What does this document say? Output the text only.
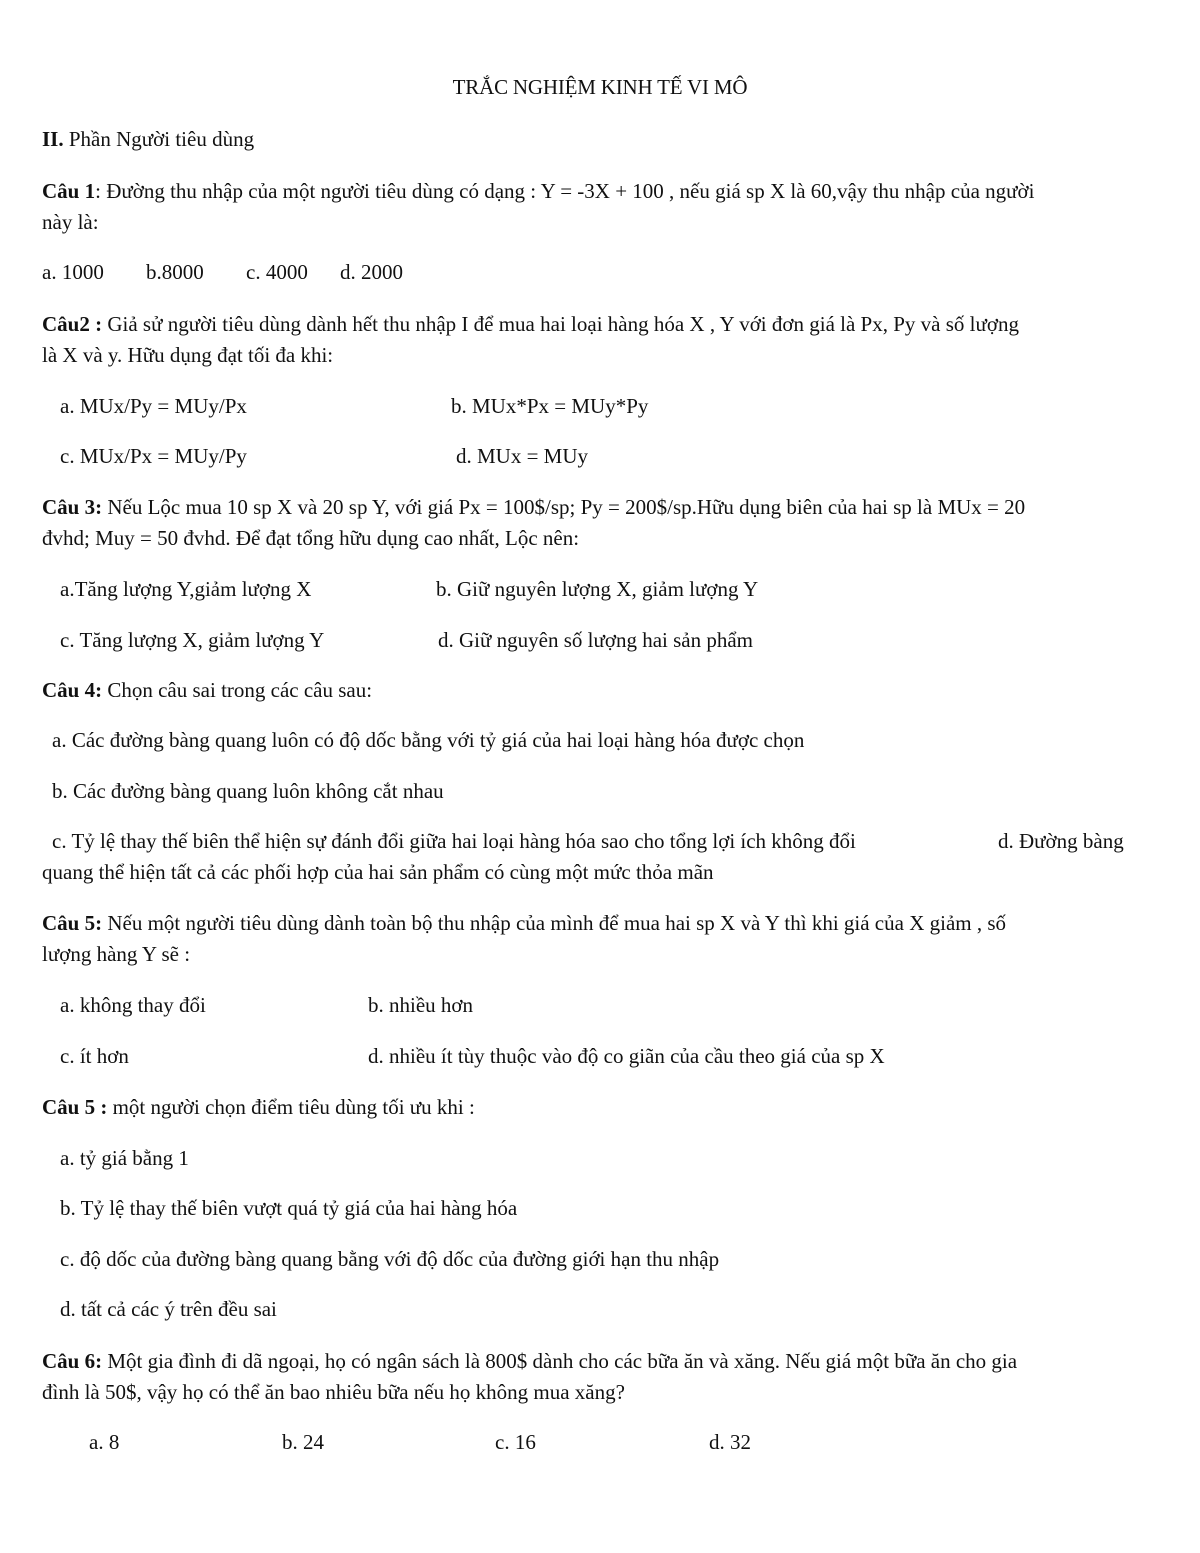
TRẮC NGHIỆM KINH TẾ VI MÔ
II. Phần Người tiêu dùng
Câu 1: Đường thu nhập của một người tiêu dùng có dạng : Y = -3X + 100 , nếu giá sp X là 60,vậy thu nhập của người
này là:
a. 1000 b.8000 c. 4000 d. 2000
Câu2 : Giả sử người tiêu dùng dành hết thu nhập I để mua hai loại hàng hóa X , Y với đơn giá là Px, Py và số lượng
là X và y. Hữu dụng đạt tối đa khi:
a. MUx/Py = MUy/Px	b. MUx*Px = MUy*Py
c. MUx/Px = MUy/Py	d. MUx = MUy
Câu 3: Nếu Lộc mua 10 sp X và 20 sp Y, với giá Px = 100$/sp; Py = 200$/sp.Hữu dụng biên của hai sp là MUx = 20
đvhd; Muy = 50 đvhd. Để đạt tổng hữu dụng cao nhất, Lộc nên:
a.Tăng lượng Y,giảm lượng X	b. Giữ nguyên lượng X, giảm lượng Y
c. Tăng lượng X, giảm lượng Y	d. Giữ nguyên số lượng hai sản phẩm
Câu 4: Chọn câu sai trong các câu sau:
a. Các đường bàng quang luôn có độ dốc bằng với tỷ giá của hai loại hàng hóa được chọn
b. Các đường bàng quang luôn không cắt nhau
c. Tỷ lệ thay thế biên thể hiện sự đánh đổi giữa hai loại hàng hóa sao cho tổng lợi ích không đổi	d. Đường bàng
quang thể hiện tất cả các phối hợp của hai sản phẩm có cùng một mức thỏa mãn
Câu 5: Nếu một người tiêu dùng dành toàn bộ thu nhập của mình để mua hai sp X và Y thì khi giá của X giảm , số
lượng hàng Y sẽ :
a. không thay đổi	b. nhiều hơn
c. ít hơn	d. nhiều ít tùy thuộc vào độ co giãn của cầu theo giá của sp X
Câu 5 : một người chọn điểm tiêu dùng tối ưu khi :
a. tỷ giá bằng 1
b. Tỷ lệ thay thế biên vượt quá tỷ giá của hai hàng hóa
c. độ dốc của đường bàng quang bằng với độ dốc của đường giới hạn thu nhập
d. tất cả các ý trên đều sai
Câu 6: Một gia đình đi dã ngoại, họ có ngân sách là 800$ dành cho các bữa ăn và xăng. Nếu giá một bữa ăn cho gia
đình là 50$, vậy họ có thể ăn bao nhiêu bữa nếu họ không mua xăng?
a. 8	b. 24	c. 16	d. 32
